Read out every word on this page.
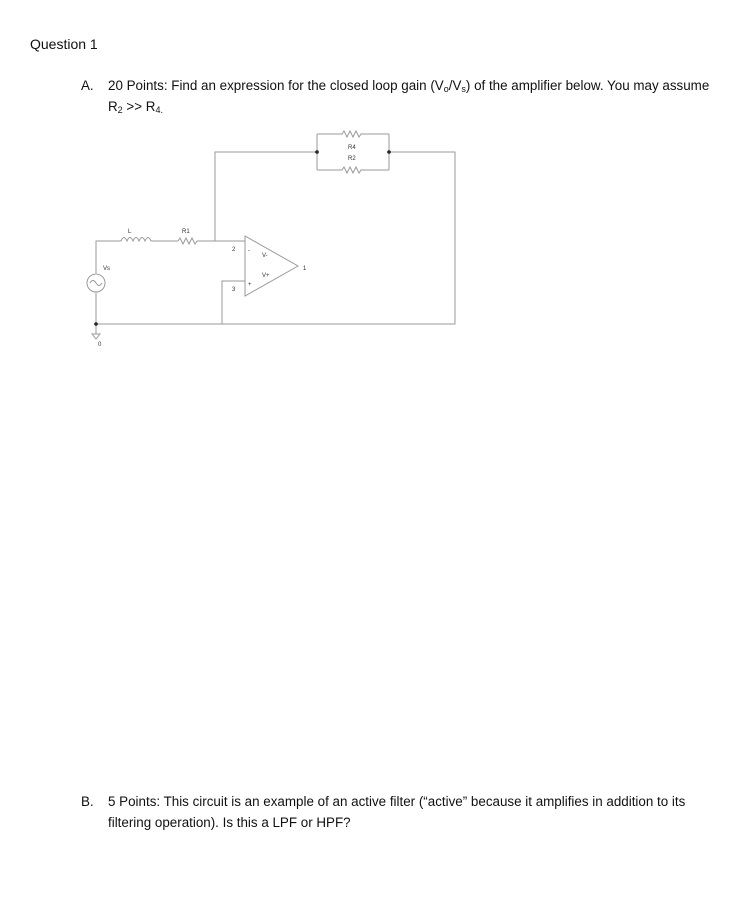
Question 1
A. 20 Points: Find an expression for the closed loop gain $(V_o/V_s)$ of the amplifier below. You may assume $R_2 >> R_{4.}$
R4
R2
L	R1
2
3
V-
V+
-
+
1
Vs
0
B. 5 Points: This circuit is an example of an active filter (“active” because it amplifies in addition to its filtering operation). Is this a LPF or HPF?
